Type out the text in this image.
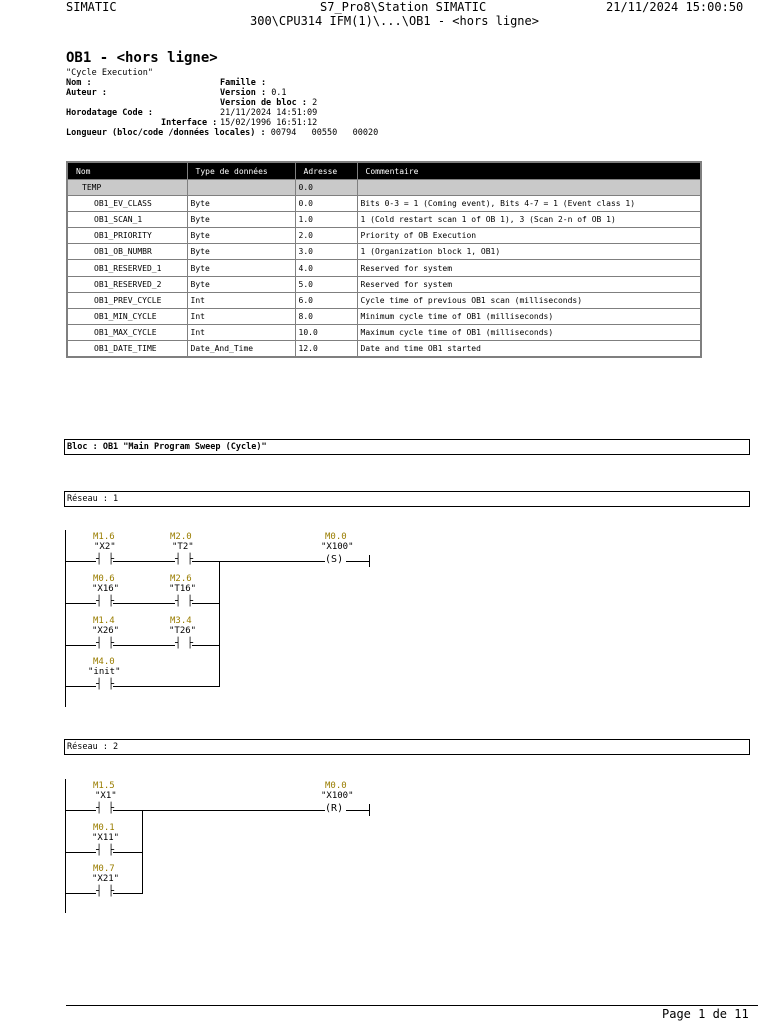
SIMATIC	S7_Pro8\Station SIMATIC
300\CPU314 IFM(1)\...\OB1 - <hors ligne>
21/11/2024 15:00:50
OB1 - <hors ligne>
"Cycle Execution"
Nom :	Famille :
Auteur :	Version : 0.1
Version de bloc : 2
Horodatage Code :	21/11/2024 14:51:09
Interface : 15/02/1996 16:51:12
Longueur (bloc/code /données locales) : 00794   00550   00020
Nom	Type de données	Adresse	Commentaire
TEMP		0.0	
OB1_EV_CLASS	Byte	0.0	Bits 0-3 = 1 (Coming event), Bits 4-7 = 1 (Event class 1)
OB1_SCAN_1	Byte	1.0	1 (Cold restart scan 1 of OB 1), 3 (Scan 2-n of OB 1)
OB1_PRIORITY	Byte	2.0	Priority of OB Execution
OB1_OB_NUMBR	Byte	3.0	1 (Organization block 1, OB1)
OB1_RESERVED_1	Byte	4.0	Reserved for system
OB1_RESERVED_2	Byte	5.0	Reserved for system
OB1_PREV_CYCLE	Int	6.0	Cycle time of previous OB1 scan (milliseconds)
OB1_MIN_CYCLE	Int	8.0	Minimum cycle time of OB1 (milliseconds)
OB1_MAX_CYCLE	Int	10.0	Maximum cycle time of OB1 (milliseconds)
OB1_DATE_TIME	Date_And_Time	12.0	Date and time OB1 started
Bloc : OB1 "Main Program Sweep (Cycle)"
Réseau : 1
M1.6
"X2"
┤ ├
M2.0
"T2"
┤ ├
M0.6
"X16"
┤ ├
M2.6
"T16"
┤ ├
M1.4
"X26"
┤ ├
M3.4
"T26"
┤ ├
M4.0
"init"
┤ ├
M0.0
"X100"
(S)
Réseau : 2
M1.5
"X1"
┤ ├
M0.1
"X11"
┤ ├
M0.7
"X21"
┤ ├
M0.0
"X100"
(R)
Page 1 de 11
